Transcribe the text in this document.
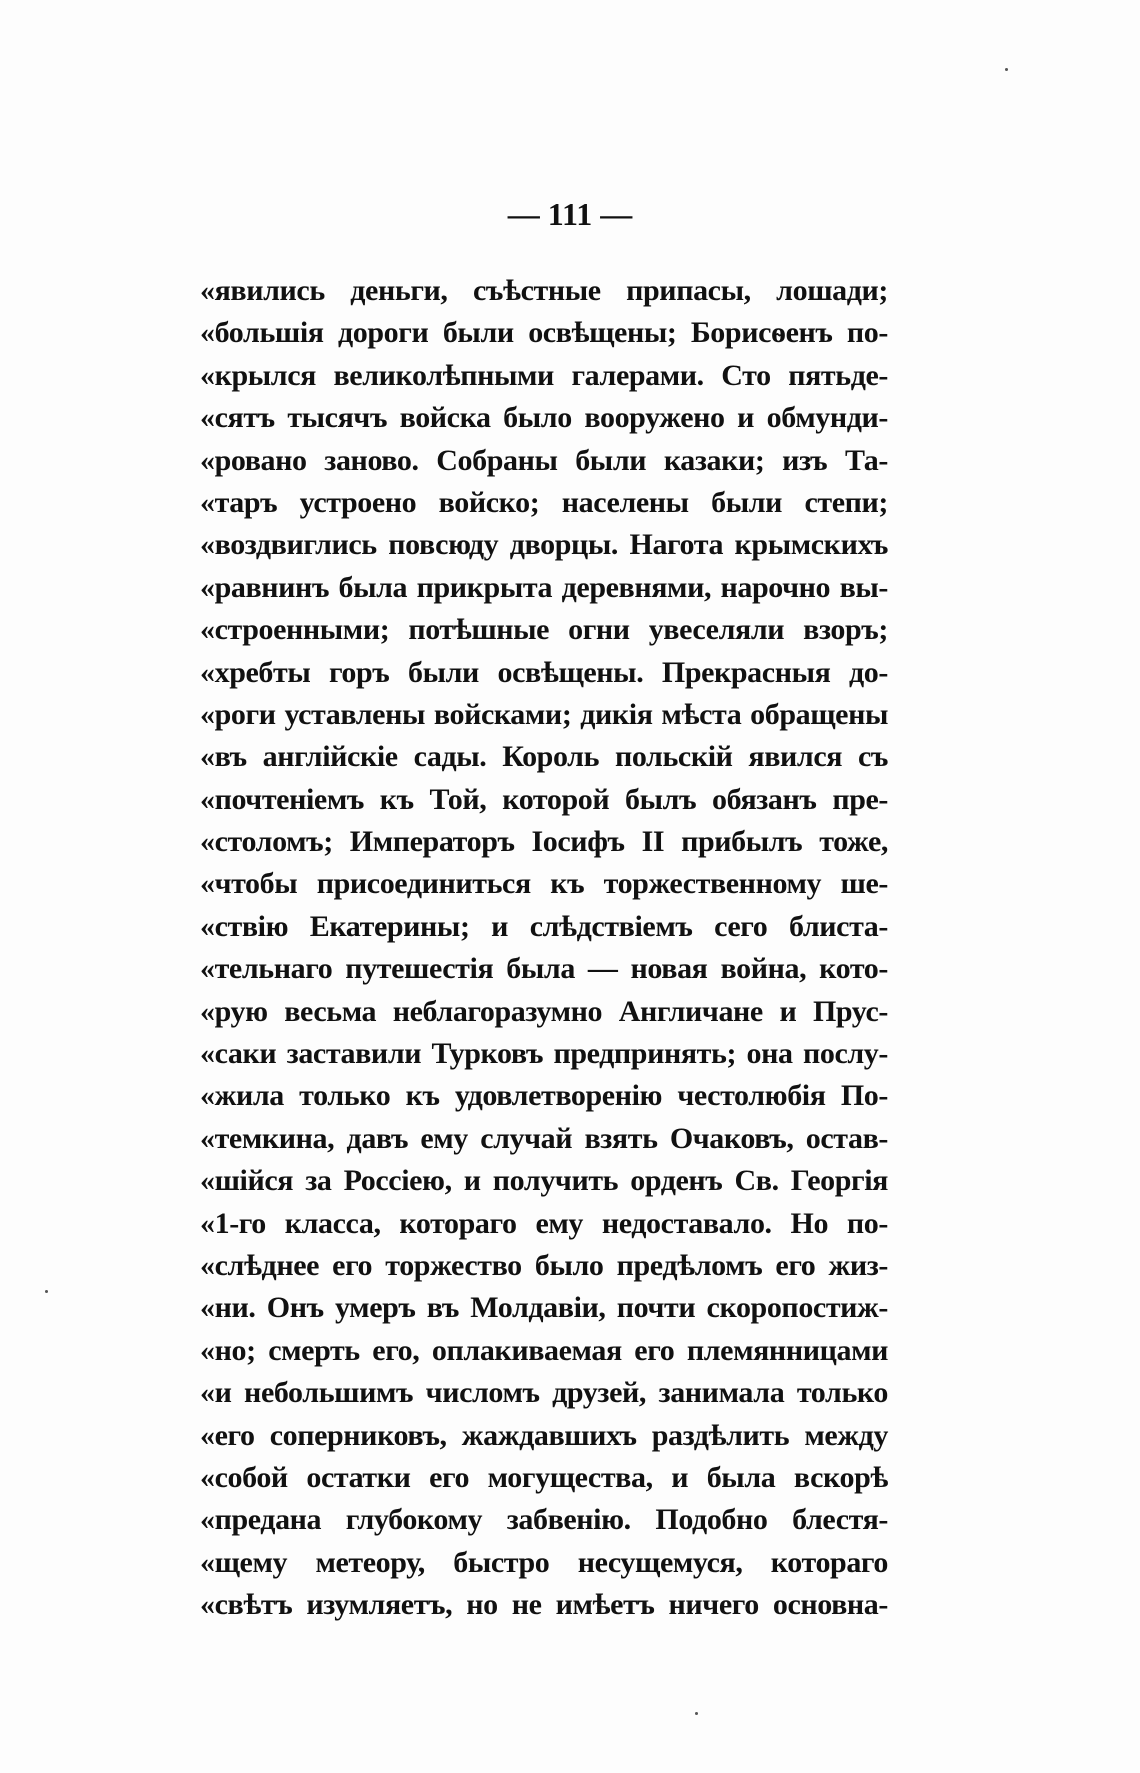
— 111 —
«явились деньги, съѣстные припасы, лошади;
«большія дороги были освѣщены; Борисѳенъ по-
«крылся великолѣпными галерами. Сто пятьде-
«сятъ тысячъ войска было вооружено и обмунди-
«ровано заново. Собраны были казаки; изъ Та-
«таръ устроено войско; населены были степи;
«воздвиглись повсюду дворцы. Нагота крымскихъ
«равнинъ была прикрыта деревнями, нарочно вы-
«строенными; потѣшные огни увеселяли взоръ;
«хребты горъ были освѣщены. Прекрасныя до-
«роги уставлены войсками; дикія мѣста обращены
«въ англійскіе сады. Король польскій явился съ
«почтеніемъ къ Той, которой былъ обязанъ пре-
«столомъ; Императоръ Іосифъ II прибылъ тоже,
«чтобы присоединиться къ торжественному ше-
«ствію Екатерины; и слѣдствіемъ сего блиста-
«тельнаго путешестія была — новая война, кото-
«рую весьма неблагоразумно Англичане и Прус-
«саки заставили Турковъ предпринять; она послу-
«жила только къ удовлетворенію честолюбія По-
«темкина, давъ ему случай взять Очаковъ, остав-
«шійся за Россіею, и получить орденъ Св. Георгія
«1-го класса, котораго ему недоставало. Но по-
«слѣднее его торжество было предѣломъ его жиз-
«ни. Онъ умеръ въ Молдавіи, почти скоропостиж-
«но; смерть его, оплакиваемая его племянницами
«и небольшимъ числомъ друзей, занимала только
«его соперниковъ, жаждавшихъ раздѣлить между
«собой остатки его могущества, и была вскорѣ
«предана глубокому забвенію. Подобно блестя-
«щему метеору, быстро несущемуся, котораго
«свѣтъ изумляетъ, но не имѣетъ ничего основна-
